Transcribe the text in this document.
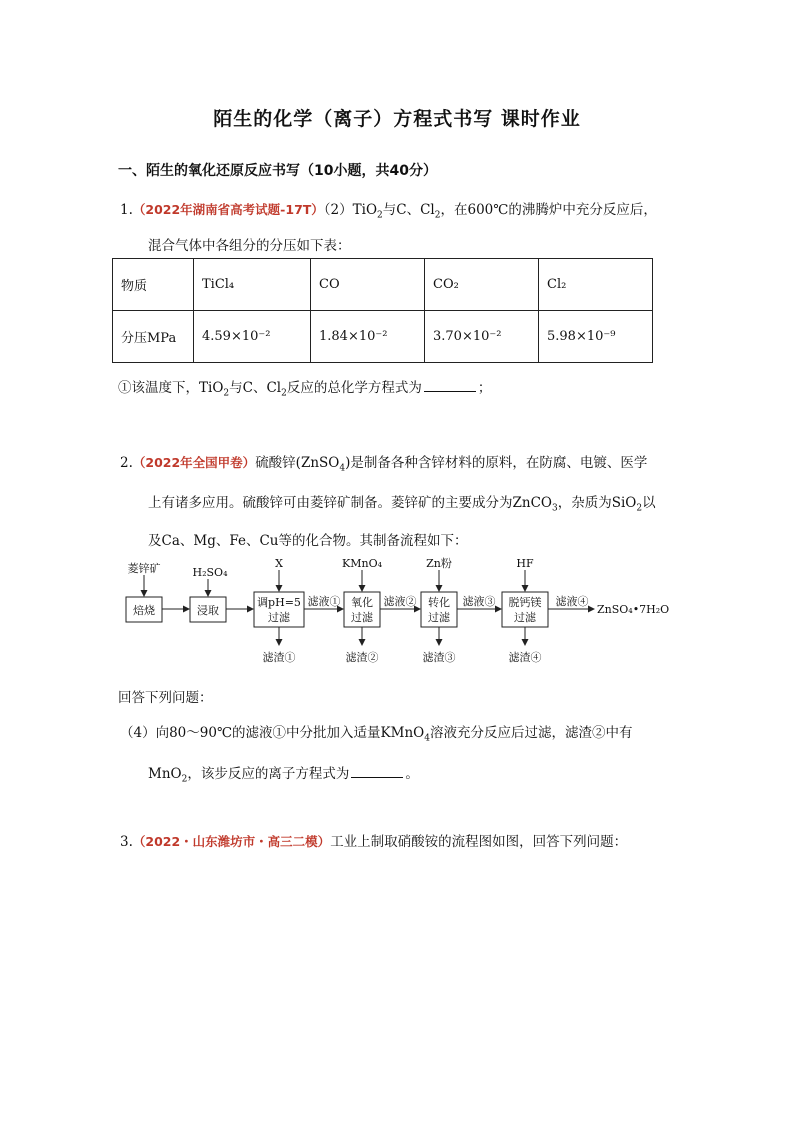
陌生的化学（离子）方程式书写 课时作业
一、陌生的氧化还原反应书写（10小题，共40分）
1.（2022年湖南省高考试题-17T）（2）TiO$_2$与C、$Cl_2$，在600℃的沸腾炉中充分反应后，
混合气体中各组分的分压如下表：
物质	TiCl₄	CO	CO₂	Cl₂
分压MPa	4.59×10⁻²	1.84×10⁻²	3.70×10⁻²	5.98×10⁻⁹
①该温度下，TiO$_2$与C、$Cl_2$反应的总化学方程式为	；
2.（2022年全国甲卷）硫酸锌(ZnSO$_4$)是制备各种含锌材料的原料，在防腐、电镀、医学
上有诸多应用。硫酸锌可由菱锌矿制备。菱锌矿的主要成分为ZnCO$_3$，杂质为SiO$_2$以
及Ca、Mg、Fe、Cu等的化合物。其制备流程如下：
菱锌矿	H₂SO₄
X	KMnO₄	Zn粉	HF
焙烧	浸取
调pH=5
过滤
氧化
过滤
转化
过滤
脱钙镁
过滤
滤液①	滤液②	滤液③	滤液④
滤渣①	滤渣②	滤渣③	滤渣④
ZnSO₄•7H₂O
回答下列问题：
（4）向80～90℃的滤液①中分批加入适量KMnO$_4$溶液充分反应后过滤，滤渣②中有
MnO$_2$，该步反应的离子方程式为	。
3.（2022・山东潍坊市・高三二模）工业上制取硝酸铵的流程图如图，回答下列问题：
